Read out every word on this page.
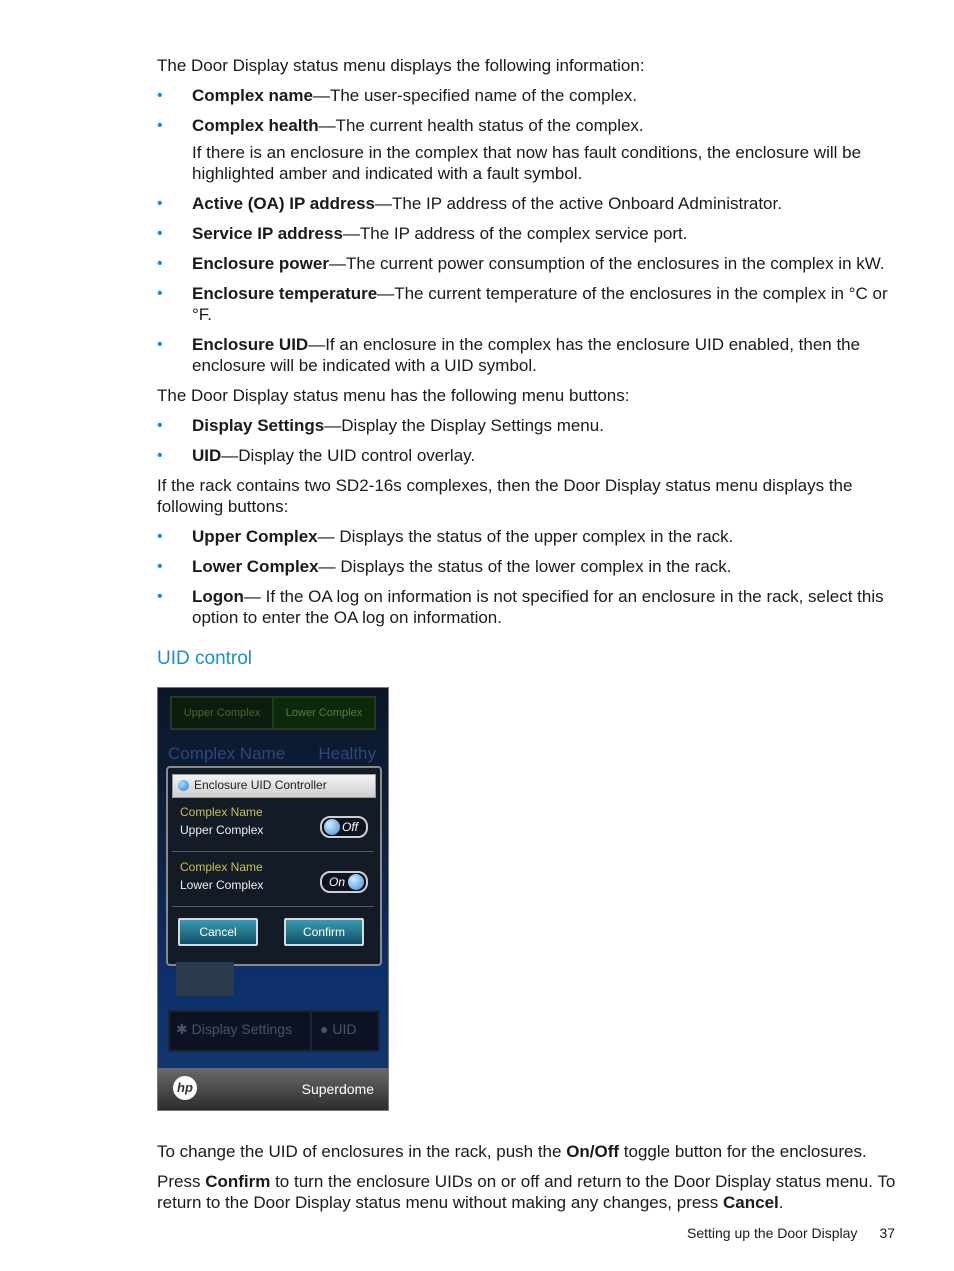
The Door Display status menu displays the following information:

• Complex name—The user-specified name of the complex.
• Complex health—The current health status of the complex.

If there is an enclosure in the complex that now has fault conditions, the enclosure will be highlighted amber and indicated with a fault symbol.

• Active (OA) IP address—The IP address of the active Onboard Administrator.
• Service IP address—The IP address of the complex service port.
• Enclosure power—The current power consumption of the enclosures in the complex in kW.
• Enclosure temperature—The current temperature of the enclosures in the complex in °C or °F.
• Enclosure UID—If an enclosure in the complex has the enclosure UID enabled, then the enclosure will be indicated with a UID symbol.

The Door Display status menu has the following menu buttons:

• Display Settings—Display the Display Settings menu.
• UID—Display the UID control overlay.

If the rack contains two SD2-16s complexes, then the Door Display status menu displays the following buttons:

• Upper Complex— Displays the status of the upper complex in the rack.
• Lower Complex— Displays the status of the lower complex in the rack.
• Logon— If the OA log on information is not specified for an enclosure in the rack, select this option to enter the OA log on information.
UID control
Upper Complex	Lower Complex
Complex Name Healthy
Enclosure UID Controller
Complex Name
Upper Complex	Off
Complex Name
Lower Complex	On
Cancel	Confirm
✱ Display Settings	● UID
hp	Superdome

To change the UID of enclosures in the rack, push the On/Off toggle button for the enclosures.

Press Confirm to turn the enclosure UIDs on or off and return to the Door Display status menu. To return to the Door Display status menu without making any changes, press Cancel.

Setting up the Door Display 37
